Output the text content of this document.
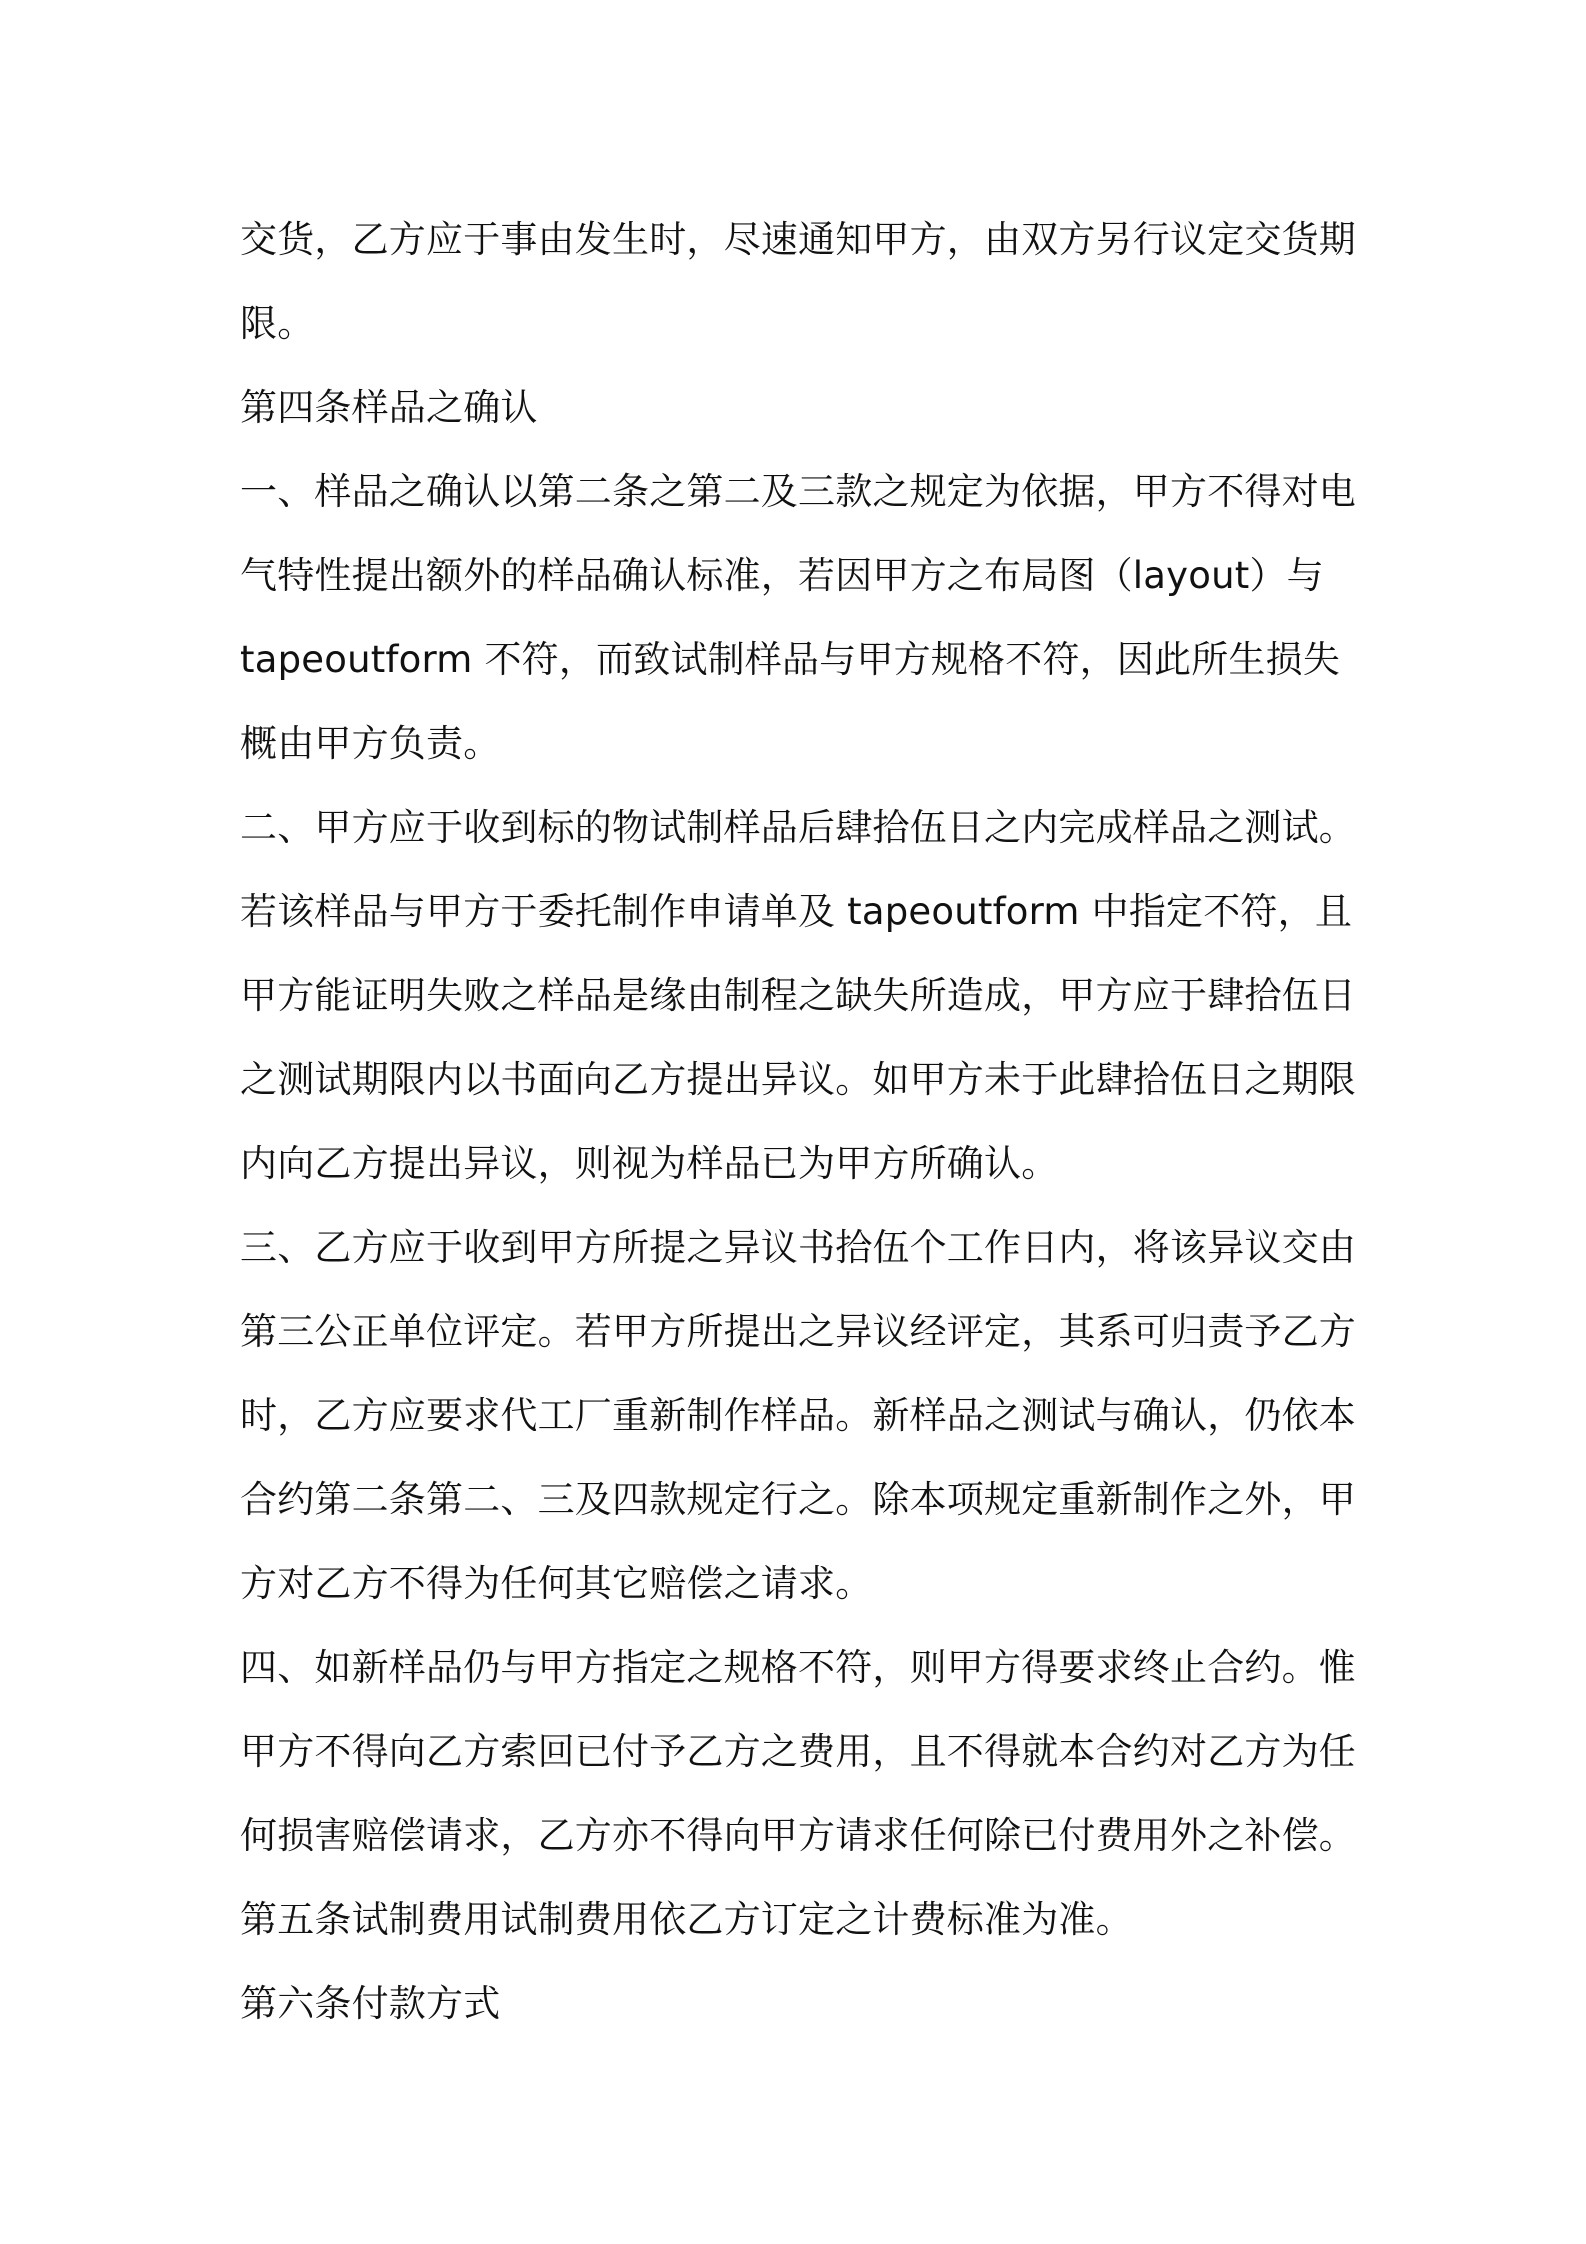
交货，乙方应于事由发生时，尽速通知甲方，由双方另行议定交货期
限。
第四条样品之确认
一、样品之确认以第二条之第二及三款之规定为依据，甲方不得对电
气特性提出额外的样品确认标准，若因甲方之布局图（layout）与
tapeoutform 不符，而致试制样品与甲方规格不符，因此所生损失
概由甲方负责。
二、甲方应于收到标的物试制样品后肆拾伍日之内完成样品之测试。
若该样品与甲方于委托制作申请单及 tapeoutform 中指定不符，且
甲方能证明失败之样品是缘由制程之缺失所造成，甲方应于肆拾伍日
之测试期限内以书面向乙方提出异议。如甲方未于此肆拾伍日之期限
内向乙方提出异议，则视为样品已为甲方所确认。
三、乙方应于收到甲方所提之异议书拾伍个工作日内，将该异议交由
第三公正单位评定。若甲方所提出之异议经评定，其系可归责予乙方
时，乙方应要求代工厂重新制作样品。新样品之测试与确认，仍依本
合约第二条第二、三及四款规定行之。除本项规定重新制作之外，甲
方对乙方不得为任何其它赔偿之请求。
四、如新样品仍与甲方指定之规格不符，则甲方得要求终止合约。惟
甲方不得向乙方索回已付予乙方之费用，且不得就本合约对乙方为任
何损害赔偿请求，乙方亦不得向甲方请求任何除已付费用外之补偿。
第五条试制费用试制费用依乙方订定之计费标准为准。
第六条付款方式
